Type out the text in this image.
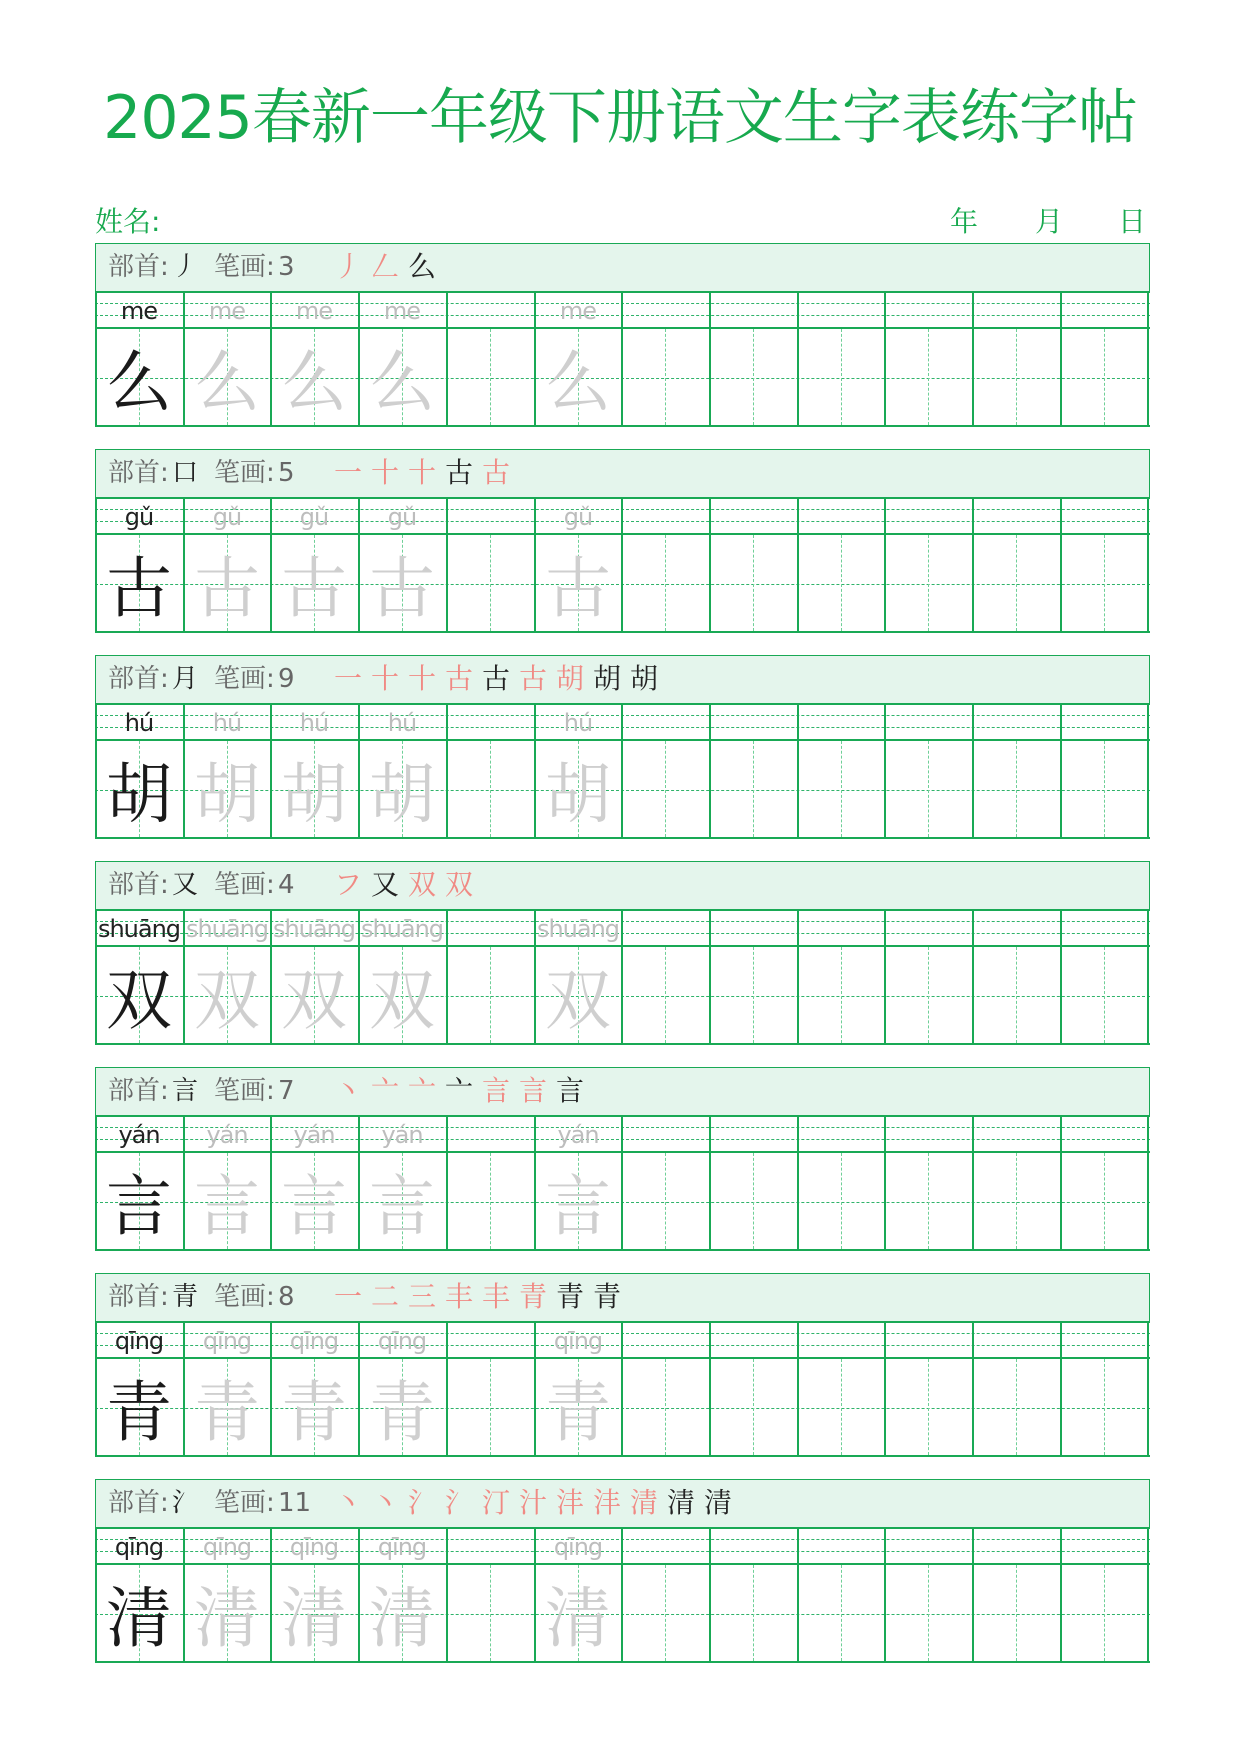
2025春新一年级下册语文生字表练字帖
姓名:	年 月 日
部首: 丿 笔画: 3 丿 𠃋 么
me
么
me
么
me
么
me
么
me
么
部首: 口 笔画: 5 一 十 十 古 古
gǔ
古
gǔ
古
gǔ
古
gǔ
古
gǔ
古
部首: 月 笔画: 9 一 十 十 古 古 古 胡 胡 胡
hú
胡
hú
胡
hú
胡
hú
胡
hú
胡
部首: 又 笔画: 4 フ 又 双 双
shuāng
双
shuāng
双
shuāng
双
shuāng
双
shuāng
双
部首: 言 笔画: 7 丶 亠 亠 亠 言 言 言
yán
言
yán
言
yán
言
yán
言
yán
言
部首: 青 笔画: 8 一 二 三 丰 丰 青 青 青
qīng
青
qīng
青
qīng
青
qīng
青
qīng
青
部首: 氵 笔画: 11 丶 丶 氵 氵 汀 汁 沣 沣 清 清 清
qīng
清
qīng
清
qīng
清
qīng
清
qīng
清
